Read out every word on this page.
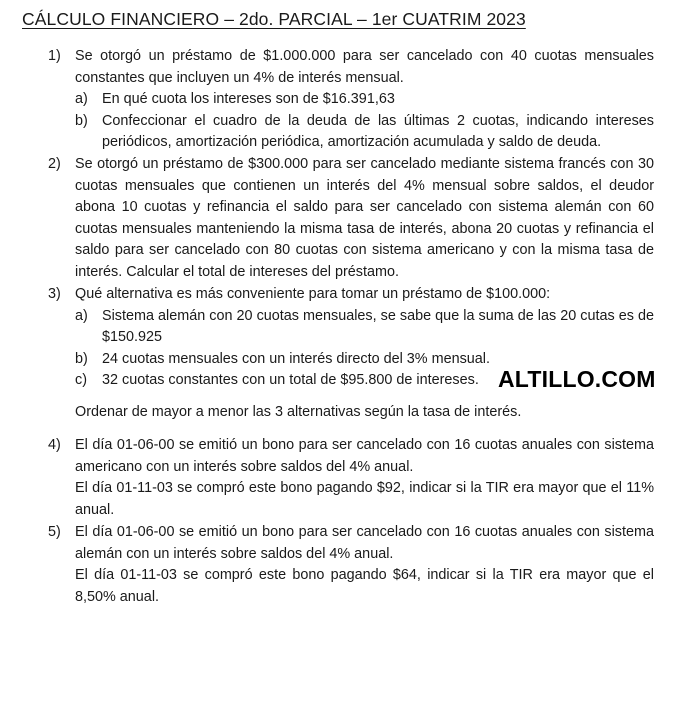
CÁLCULO FINANCIERO – 2do. PARCIAL – 1er CUATRIM 2023
1) Se otorgó un préstamo de $1.000.000 para ser cancelado con 40 cuotas mensuales constantes que incluyen un 4% de interés mensual.

a) En qué cuota los intereses son de $16.391,63
b) Confeccionar el cuadro de la deuda de las últimas 2 cuotas, indicando intereses periódicos, amortización periódica, amortización acumulada y saldo de deuda.
2) Se otorgó un préstamo de $300.000 para ser cancelado mediante sistema francés con 30 cuotas mensuales que contienen un interés del 4% mensual sobre saldos, el deudor abona 10 cuotas y refinancia el saldo para ser cancelado con sistema alemán con 60 cuotas mensuales manteniendo la misma tasa de interés, abona 20 cuotas y refinancia el saldo para ser cancelado con 80 cuotas con sistema americano y con la misma tasa de interés. Calcular el total de intereses del préstamo.

3) Qué alternativa es más conveniente para tomar un préstamo de $100.000:

a) Sistema alemán con 20 cuotas mensuales, se sabe que la suma de las 20 cutas es de $150.925
b) 24 cuotas mensuales con un interés directo del 3% mensual.
c) 32 cuotas constantes con un total de $95.800 de intereses.

Ordenar de mayor a menor las 3 alternativas según la tasa de interés.

4) El día 01-06-00 se emitió un bono para ser cancelado con 16 cuotas anuales con sistema americano con un interés sobre saldos del 4% anual.

El día 01-11-03 se compró este bono pagando $92, indicar si la TIR era mayor que el 11% anual.

5) El día 01-06-00 se emitió un bono para ser cancelado con 16 cuotas anuales con sistema alemán con un interés sobre saldos del 4% anual.

El día 01-11-03 se compró este bono pagando $64, indicar si la TIR era mayor que el 8,50% anual.

ALTILLO.COM
